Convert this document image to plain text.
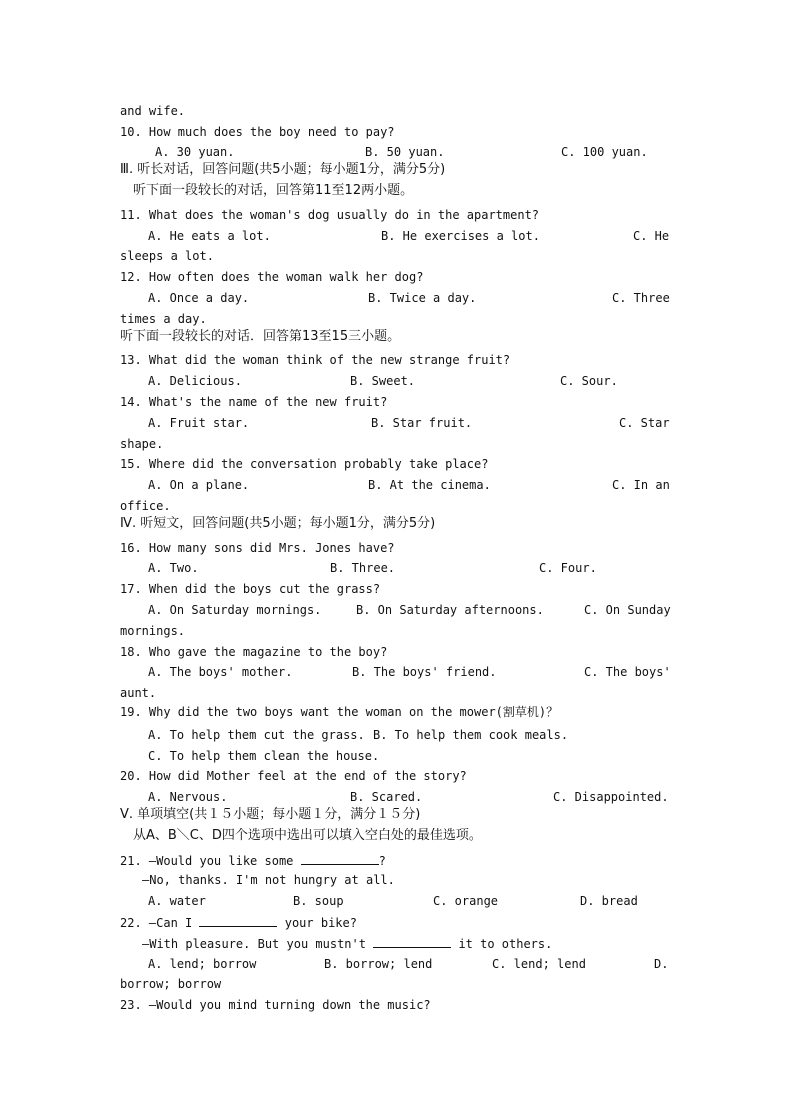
and wife.
10. How much does the boy need to pay?
A. 30 yuan.	B. 50 yuan.	C. 100 yuan.
Ⅲ. 听长对话，回答问题(共5小题；每小题1分，满分5分)
听下面一段较长的对话，回答第11至12两小题。
11. What does the woman's dog usually do in the apartment?
A. He eats a lot.	B. He exercises a lot.	C. He
sleeps a lot.
12. How often does the woman walk her dog?
A. Once a day.	B. Twice a day.	C. Three
times a day.
听下面一段较长的对话．回答第13至15三小题。
13. What did the woman think of the new strange fruit?
A. Delicious.	B. Sweet.	C. Sour.
14. What's the name of the new fruit?
A. Fruit star.	B. Star fruit.	C. Star
shape.
15. Where did the conversation probably take place?
A. On a plane.	B. At the cinema.	C. In an
office.
Ⅳ. 听短文，回答问题(共5小题；每小题1分，满分5分)
16. How many sons did Mrs. Jones have?
A. Two.	B. Three.	C. Four.
17. When did the boys cut the grass?
A. On Saturday mornings.	B. On Saturday afternoons.	C. On Sunday
mornings.
18. Who gave the magazine to the boy?
A. The boys' mother.	B. The boys' friend.	C. The boys'
aunt.
19. Why did the two boys want the woman on the mower(割草机)？
A. To help them cut the grass. B. To help them cook meals.
C. To help them clean the house.
20. How did Mother feel at the end of the story?
A. Nervous.	B. Scared.	C. Disappointed.
Ⅴ. 单项填空(共１５小题；每小题１分，满分１５分)
从A、B＼C、D四个选项中选出可以填入空白处的最佳选项。
21. —Would you like some	?
—No, thanks. I'm not hungry at all.
A. water	B. soup	C. orange	D. bread
22. —Can I	your bike?
—With pleasure. But you mustn't	it to others.
A. lend; borrow	B. borrow; lend	C. lend; lend	D.
borrow; borrow
23. —Would you mind turning down the music?
